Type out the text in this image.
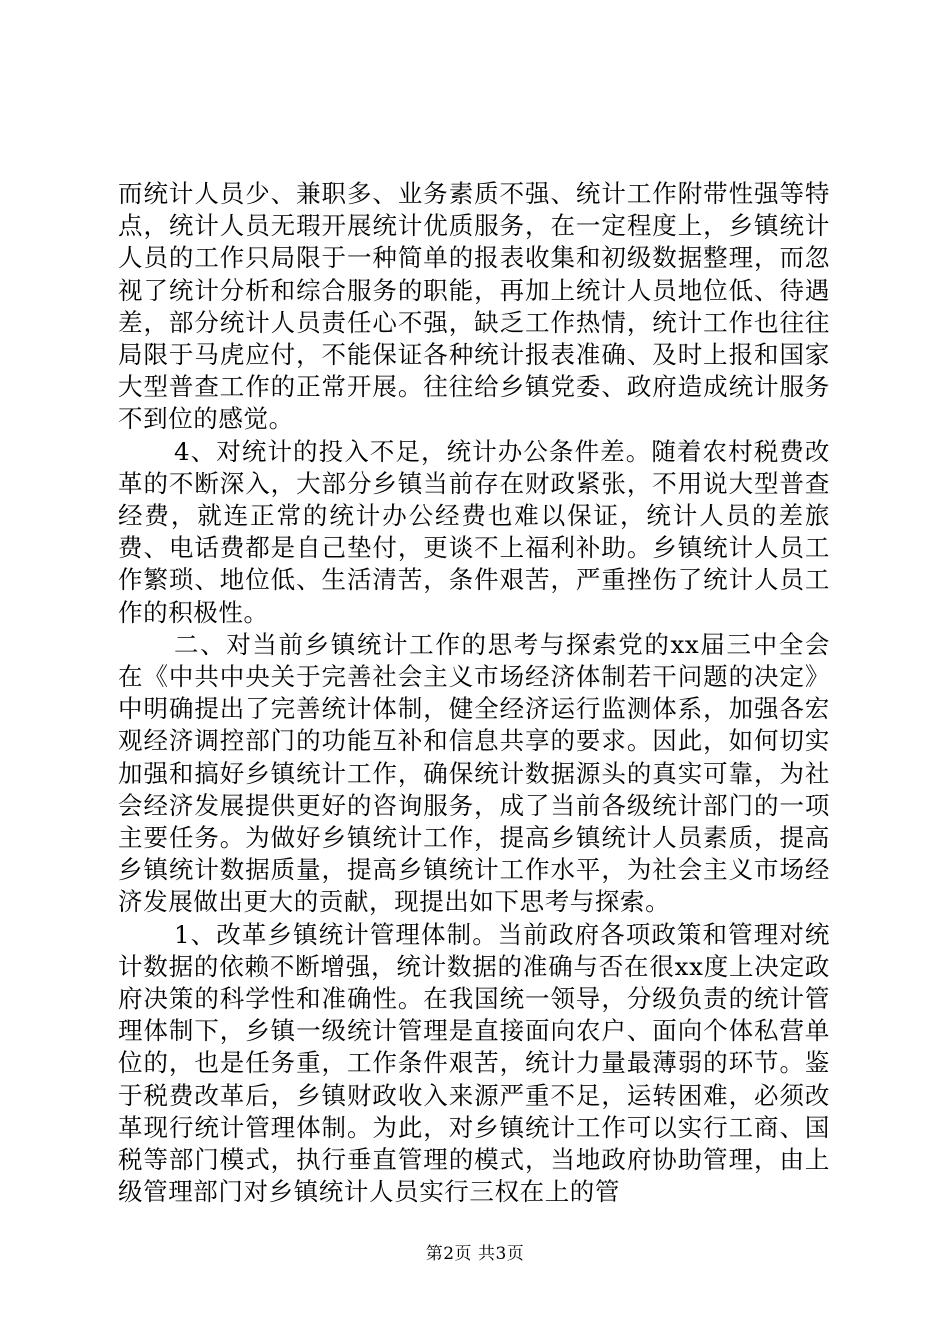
而统计人员少、兼职多、业务素质不强、统计工作附带性强等特点，统计人员无瑕开展统计优质服务，在一定程度上，乡镇统计人员的工作只局限于一种简单的报表收集和初级数据整理，而忽视了统计分析和综合服务的职能，再加上统计人员地位低、待遇差，部分统计人员责任心不强，缺乏工作热情，统计工作也往往局限于马虎应付，不能保证各种统计报表准确、及时上报和国家大型普查工作的正常开展。往往给乡镇党委、政府造成统计服务不到位的感觉。

4、对统计的投入不足，统计办公条件差。随着农村税费改革的不断深入，大部分乡镇当前存在财政紧张，不用说大型普查经费，就连正常的统计办公经费也难以保证，统计人员的差旅费、电话费都是自己垫付，更谈不上福利补助。乡镇统计人员工作繁琐、地位低、生活清苦，条件艰苦，严重挫伤了统计人员工作的积极性。

二、对当前乡镇统计工作的思考与探索党的xx届三中全会在《中共中央关于完善社会主义市场经济体制若干问题的决定》中明确提出了完善统计体制，健全经济运行监测体系，加强各宏观经济调控部门的功能互补和信息共享的要求。因此，如何切实加强和搞好乡镇统计工作，确保统计数据源头的真实可靠，为社会经济发展提供更好的咨询服务，成了当前各级统计部门的一项主要任务。为做好乡镇统计工作，提高乡镇统计人员素质，提高乡镇统计数据质量，提高乡镇统计工作水平，为社会主义市场经济发展做出更大的贡献，现提出如下思考与探索。

1、改革乡镇统计管理体制。当前政府各项政策和管理对统计数据的依赖不断增强，统计数据的准确与否在很xx度上决定政府决策的科学性和准确性。在我国统一领导，分级负责的统计管理体制下，乡镇一级统计管理是直接面向农户、面向个体私营单位的，也是任务重，工作条件艰苦，统计力量最薄弱的环节。鉴于税费改革后，乡镇财政收入来源严重不足，运转困难，必须改革现行统计管理体制。为此，对乡镇统计工作可以实行工商、国税等部门模式，执行垂直管理的模式，当地政府协助管理，由上级管理部门对乡镇统计人员实行三权在上的管

第2页 共3页
